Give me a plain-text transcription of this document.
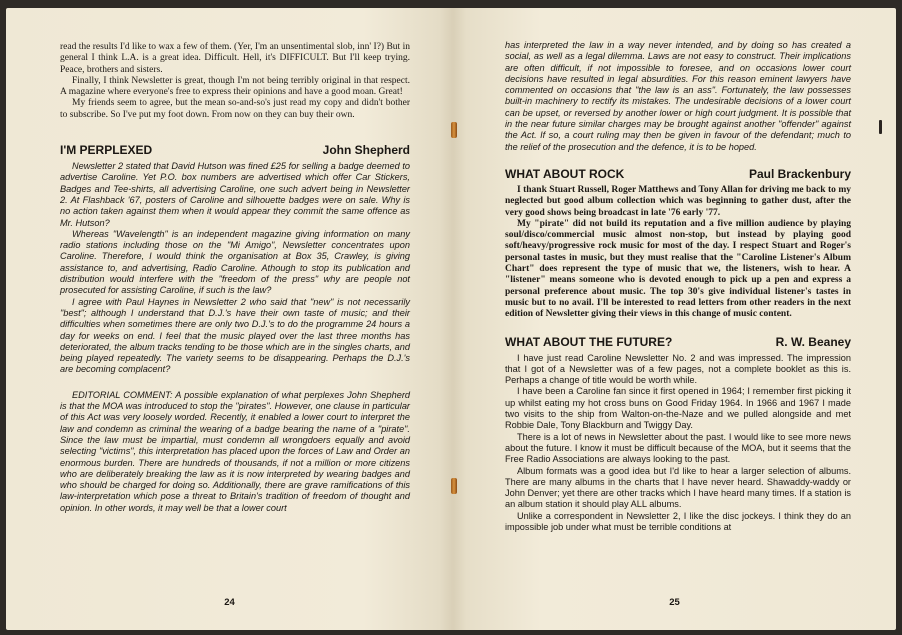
read the results I'd like to wax a few of them. (Yer, I'm an unsentimental slob, inn' I?) But in general I think L.A. is a great idea. Difficult. Hell, it's DIFFICULT. But I'll keep trying. Peace, brothers and sisters.

Finally, I think Newsletter is great, though I'm not being terribly original in that respect. A magazine where everyone's free to express their opinions and have a good moan. Great!

My friends seem to agree, but the mean so-and-so's just read my copy and didn't bother to subscribe. So I've put my foot down. From now on they can buy their own.

I'M PERPLEXED	John Shepherd

Newsletter 2 stated that David Hutson was fined £25 for selling a badge deemed to advertise Caroline. Yet P.O. box numbers are advertised which offer Car Stickers, Badges and Tee-shirts, all advertising Caroline, one such advert being in Newsletter 2. At Flashback '67, posters of Caroline and silhouette badges were on sale. Why is no action taken against them when it would appear they commit the same offence as Mr. Hutson?

Whereas "Wavelength" is an independent magazine giving information on many radio stations including those on the "Mi Amigo", Newsletter concentrates upon Caroline. Therefore, I would think the organisation at Box 35, Crawley, is giving assistance to, and advertising, Radio Caroline. Athough to stop its publication and distribution would interfere with the "freedom of the press" why are people not prosecuted for assisting Caroline, if such is the law?

I agree with Paul Haynes in Newsletter 2 who said that "new" is not necessarily "best"; although I understand that D.J.'s have their own taste of music; and their difficulties when sometimes there are only two D.J.'s to do the programme 24 hours a day for weeks on end. I feel that the music played over the last three months has deteriorated, the album tracks tending to be those which are in the singles charts, and being played repeatedly. The variety seems to be disappearing. Perhaps the D.J.'s are becoming complacent?

EDITORIAL COMMENT: A possible explanation of what perplexes John Shepherd is that the MOA was introduced to stop the "pirates". However, one clause in particular of this Act was very loosely worded. Recently, it enabled a lower court to interpret the law and condemn as criminal the wearing of a badge bearing the name of a "pirate". Since the law must be impartial, must condemn all wrongdoers equally and avoid selecting "victims", this interpretation has placed upon the forces of Law and Order an enormous burden. There are hundreds of thousands, if not a million or more citizens who are deliberately breaking the law as it is now interpreted by wearing badges and who should be charged for doing so. Additionally, there are grave ramifications of this law-interpretation which pose a threat to Britain's tradition of freedom of thought and opinion. In other words, it may well be that a lower court

24

has interpreted the law in a way never intended, and by doing so has created a social, as well as a legal dilemma. Laws are not easy to construct. Their implications are often difficult, if not impossible to foresee, and on occasions lower court decisions have resulted in legal absurdities. For this reason eminent lawyers have commented on occasions that "the law is an ass". Fortunately, the law possesses built-in machinery to rectify its mistakes. The undesirable decisions of a lower court can be upset, or reversed by another lower or high court judgment. It is possible that in the near future similar charges may be brought against another "offender" against the Act. If so, a court ruling may then be given in favour of the defendant; much to the relief of the prosecution and the defence, it is to be hoped.

WHAT ABOUT ROCK	Paul Brackenbury

I thank Stuart Russell, Roger Matthews and Tony Allan for driving me back to my neglected but good album collection which was beginning to gather dust, after the very good shows being broadcast in late '76 early '77.

My "pirate" did not build its reputation and a five million audience by playing soul/disco/commercial music almost non-stop, but instead by playing good soft/heavy/progressive rock music for most of the day. I respect Stuart and Roger's personal tastes in music, but they must realise that the "Caroline Listener's Album Chart" does represent the type of music that we, the listeners, wish to hear. A "listener" means someone who is devoted enough to pick up a pen and express a personal preference about music. The top 30's give individual listener's tastes in music but to no avail. I'll be interested to read letters from other readers in the next edition of Newsletter giving their views in this change of music content.

WHAT ABOUT THE FUTURE?	R. W. Beaney

I have just read Caroline Newsletter No. 2 and was impressed. The impression that I got of a Newsletter was of a few pages, not a complete booklet as this is. Perhaps a change of title would be worth while.

I have been a Caroline fan since it first opened in 1964; I remember first picking it up whilst eating my hot cross buns on Good Friday 1964. In 1966 and 1967 I made two visits to the ship from Walton-on-the-Naze and we pulled alongside and met Robbie Dale, Tony Blackburn and Twiggy Day.

There is a lot of news in Newsletter about the past. I would like to see more news about the future. I know it must be difficult because of the MOA, but it seems that the Free Radio Associations are always looking to the past.

Album formats was a good idea but I'd like to hear a larger selection of albums. There are many albums in the charts that I have never heard. Shawaddy-waddy or John Denver; yet there are other tracks which I have heard many times. If a station is an album station it should play ALL albums.

Unlike a correspondent in Newsletter 2, I like the disc jockeys. I think they do an impossible job under what must be terrible conditions at

25
